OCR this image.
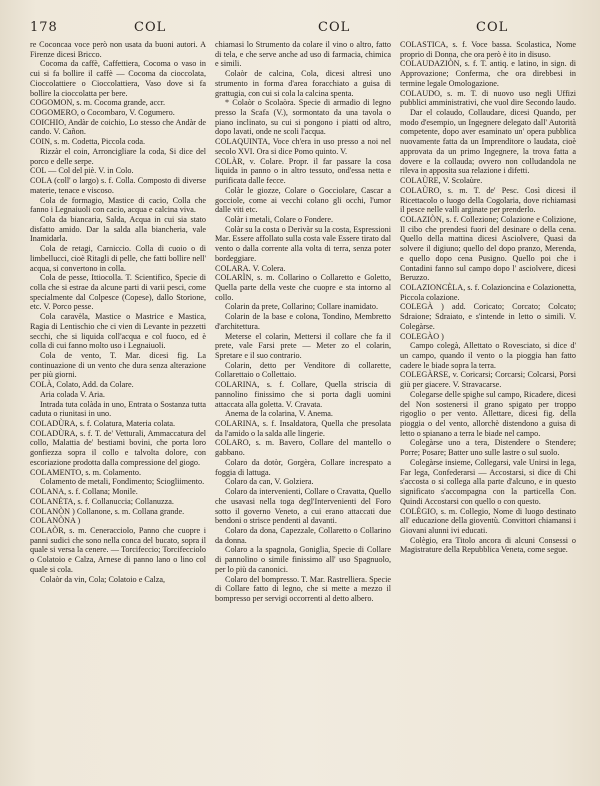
178	COL	COL	COL

re Coconcaa voce però non usata da buoni autori. A Firenze dicesi Bricco.

Cocoma da caffè, Caffettiera, Cocoma o vaso in cui si fa bollire il caffè — Cocoma da cioccolata, Cioccolattiere o Cioccolattiera, Vaso dove si fa bollire la cioccolatta per bere.

COGOMON, s. m. Cocoma grande, accr.

COGOMERO, o Cocombaro, V. Cogumero.

COICHIO, Andàr de coichio, Lo stesso che Andàr de cando. V. Cañon.

COIN, s. m. Codetta, Piccola coda.

Rizzàr el coin, Arroncigliare la coda, Si dice del porco e delle serpe.

COL — Col del piè. V. in Colo.

COLA (coll' o largo) s. f. Colla. Composto di diverse materie, tenace e viscoso.

Cola de formagio, Mastice di cacio, Colla che fanno i Legnaiuoli con cacio, acqua e calcina viva.

Cola da biancaria, Salda, Acqua in cui sia stato disfatto amido. Dar la salda alla biancheria, vale Inamidarla.

Cola de retagi, Carniccio. Colla di cuoio o di limbellucci, cioè Ritagli di pelle, che fatti bollire nell' acqua, si convertono in colla.

Cola de pesse, Ittiocolla. T. Scientifico, Specie di colla che si estrae da alcune parti di varii pesci, come specialmente dal Colpesce (Copese), dallo Storione, etc. V. Porco pesse.

Cola caravèla, Mastice o Mastrice e Mastica, Ragia di Lentischio che ci vien di Levante in pezzetti secchi, che si liquida coll'acqua e col fuoco, ed è colla di cui fanno molto uso i Legnaiuoli.

Cola de vento, T. Mar. dicesi fig. La continuazione di un vento che dura senza alterazione per più giorni.

COLÀ, Colato, Add. da Colare.

Aria colada V. Aria.

Intrada tuta colàda in uno, Entrata o Sostanza tutta caduta o riunitasi in uno.

COLADÙRA, s. f. Colatura, Materia colata.

COLADÙRA, s. f. T. de' Vetturali, Ammaccatura del collo, Malattia de' bestiami bovini, che porta loro gonfiezza sopra il collo e talvolta dolore, con escoriazione prodotta dalla compressione del giogo.

COLAMENTO, s. m. Colamento.

Colamento de metali, Fondimento; Sciogliimento.

COLANA, s. f. Collana; Monile.

COLANÈTA, s. f. Collanuccia; Collanuzza.

COLANÒN ) Collanone, s. m. Collana grande.

COLANÒNA )

COLAÒR, s. m. Ceneracciolo, Panno che cuopre i panni sudici che sono nella conca del bucato, sopra il quale si versa la cenere. — Torcifeccio; Torcifecciolo o Colatoio e Calza, Arnese di panno lano o lino col quale si cola.

Colaòr da vin, Cola; Colatoio e Calza,

chiamasi lo Strumento da colare il vino o altro, fatto di tela, e che serve anche ad uso di farmacia, chimica e simili.

Colaòr de calcina, Cola, dicesi altresì uno strumento in forma d'area foracchiato a guisa di grattugia, con cui si cola la calcina spenta.

* Colaòr o Scolaòra. Specie di armadio di legno presso la Scafa (V.), sormontato da una tavola o piano inclinato, su cui si pongono i piatti od altro, dopo lavati, onde ne scoli l'acqua.

COLAQUINTA, Voce ch'era in uso presso a noi nel secolo XVI. Ora si dice Pomo quinto. V.

COLÀR, v. Colare. Propr. il far passare la cosa liquida in panno o in altro tessuto, ond'essa netta e purificata dalle fecce.

Colàr le giozze, Colare o Gocciolare, Cascar a gocciole, come ai vecchi colano gli occhi, l'umor dalle viti etc.

Colàr i metali, Colare o Fondere.

Colàr su la costa o Derivàr su la costa, Espressioni Mar. Essere affollato sulla costa vale Essere tirato dal vento o dalla corrente alla volta di terra, senza poter bordeggiare.

COLARA. V. Colera.

COLARÌN, s. m. Collarino o Collaretto e Goletto, Quella parte della veste che cuopre e sta intorno al collo.

Colarin da prete, Collarino; Collare inamidato.

Colarin de la base e colona, Tondino, Membretto d'architettura.

Meterse el colarin, Mettersi il collare che fa il prete, vale Farsi prete — Meter zo el colarin, Spretare e il suo contrario.

Colarin, detto per Venditore di collarette, Collarettaio o Collettaio.

COLARINA, s. f. Collare, Quella striscia di pannolino finissimo che si porta dagli uomini attaccata alla goletta. V. Cravata.

Anema de la colarina, V. Anema.

COLARINA, s. f. Insaldatora, Quella che presolata da l'amido o la salda alle lingerie.

COLARO, s. m. Bavero, Collare del mantello o gabbano.

Colaro da dotòr, Gorgèra, Collare increspato a foggia di lattuga.

Colaro da can, V. Golziera.

Colaro da intervenienti, Collare o Cravatta, Quello che usavasi nella toga degl'Intervenienti del Foro sotto il governo Veneto, a cui erano attaccati due bendoni o strisce pendenti al davanti.

Colaro da dona, Capezzale, Collaretto o Collarino da donna.

Colaro a la spagnola, Goniglia, Specie di Collare di pannolino o simile finissimo all' uso Spagnuolo, per lo più da canonici.

Colaro del bompresso. T. Mar. Rastrelliera. Specie di Collare fatto di legno, che si mette a mezzo il bompresso per servigi occorrenti al detto albero.

COLASTICA, s. f. Voce bassa. Scolastica, Nome proprio di Donna, che ora però è ito in disuso.

COLAUDAZIÒN, s. f. T. antiq. e latino, in sign. di Approvazione; Conferma, che ora direbbesi in termine legale Omologazione.

COLAUDO, s. m. T. di nuovo uso negli Uffizi pubblici amministrativi, che vuol dire Secondo laudo.

Dar el colaudo, Collaudare, dicesi Quando, per modo d'esempio, un Ingegnere delegato dall' Autorità competente, dopo aver esaminato un' opera pubblica nuovamente fatta da un Imprenditore o laudata, cioè approvata da un primo Ingegnere, la trova fatta a dovere e la collauda; ovvero non colludandola ne rileva in apposita sua relazione i difetti.

COLAÙRE, V. Scolaùre.

COLAÙRO, s. m. T. de' Pesc. Così dicesi il Ricettacolo o luogo della Cogolaria, dove richiamasi il pesce nelle valli arginate per prenderlo.

COLAZIÒN, s. f. Collezione; Colazione e Colizione, Il cibo che prendesi fuori del desinare o della cena. Quello della mattina dicesi Asciolvere, Quasi da solvere il digiuno; quello del dopo pranzo, Merenda, e quello dopo cena Pusigno. Quello poi che i Contadini fanno sul campo dopo l' asciolvere, dicesi Beruzzo.

COLAZIONCÈLA, s. f. Colazioncina e Colazionetta, Piccola colazione.

COLEGÀ ) add. Coricato; Corcato; Colcato; Sdraione; Sdraiato, e s'intende in letto o simili. V. Colegàrse.

COLEGÀO )

Campo colegà, Allettato o Rovesciato, si dice d' un campo, quando il vento o la pioggia han fatto cadere le biade sopra la terra.

COLEGÀRSE, v. Coricarsi; Corcarsi; Colcarsi, Porsi giù per giacere. V. Stravacarse.

Colegarse delle spighe sul campo, Ricadere, dicesi del Non sostenersi il grano spigato per troppo rigoglio o per vento. Allettare, dicesi fig. della pioggia o del vento, allorchè distendono a guisa di letto o spianano a terra le biade nel campo.

Colegàrse uno a tera, Distendere o Stendere; Porre; Posare; Batter uno sulle lastre o sul suolo.

Colegàrse insieme, Collegarsi, vale Unirsi in lega, Far lega, Confederarsi — Accostarsi, si dice di Chi s'accosta o si collega alla parte d'alcuno, e in questo significato s'accompagna con la particella Con. Quindi Accostarsi con quello o con questo.

COLÈGIO, s. m. Collegio, Nome di luogo destinato all' educazione della gioventù. Convittori chiamansi i Giovani alunni ivi educati.

Colègio, era Titolo ancora di alcuni Consessi o Magistrature della Repubblica Veneta, come segue.
